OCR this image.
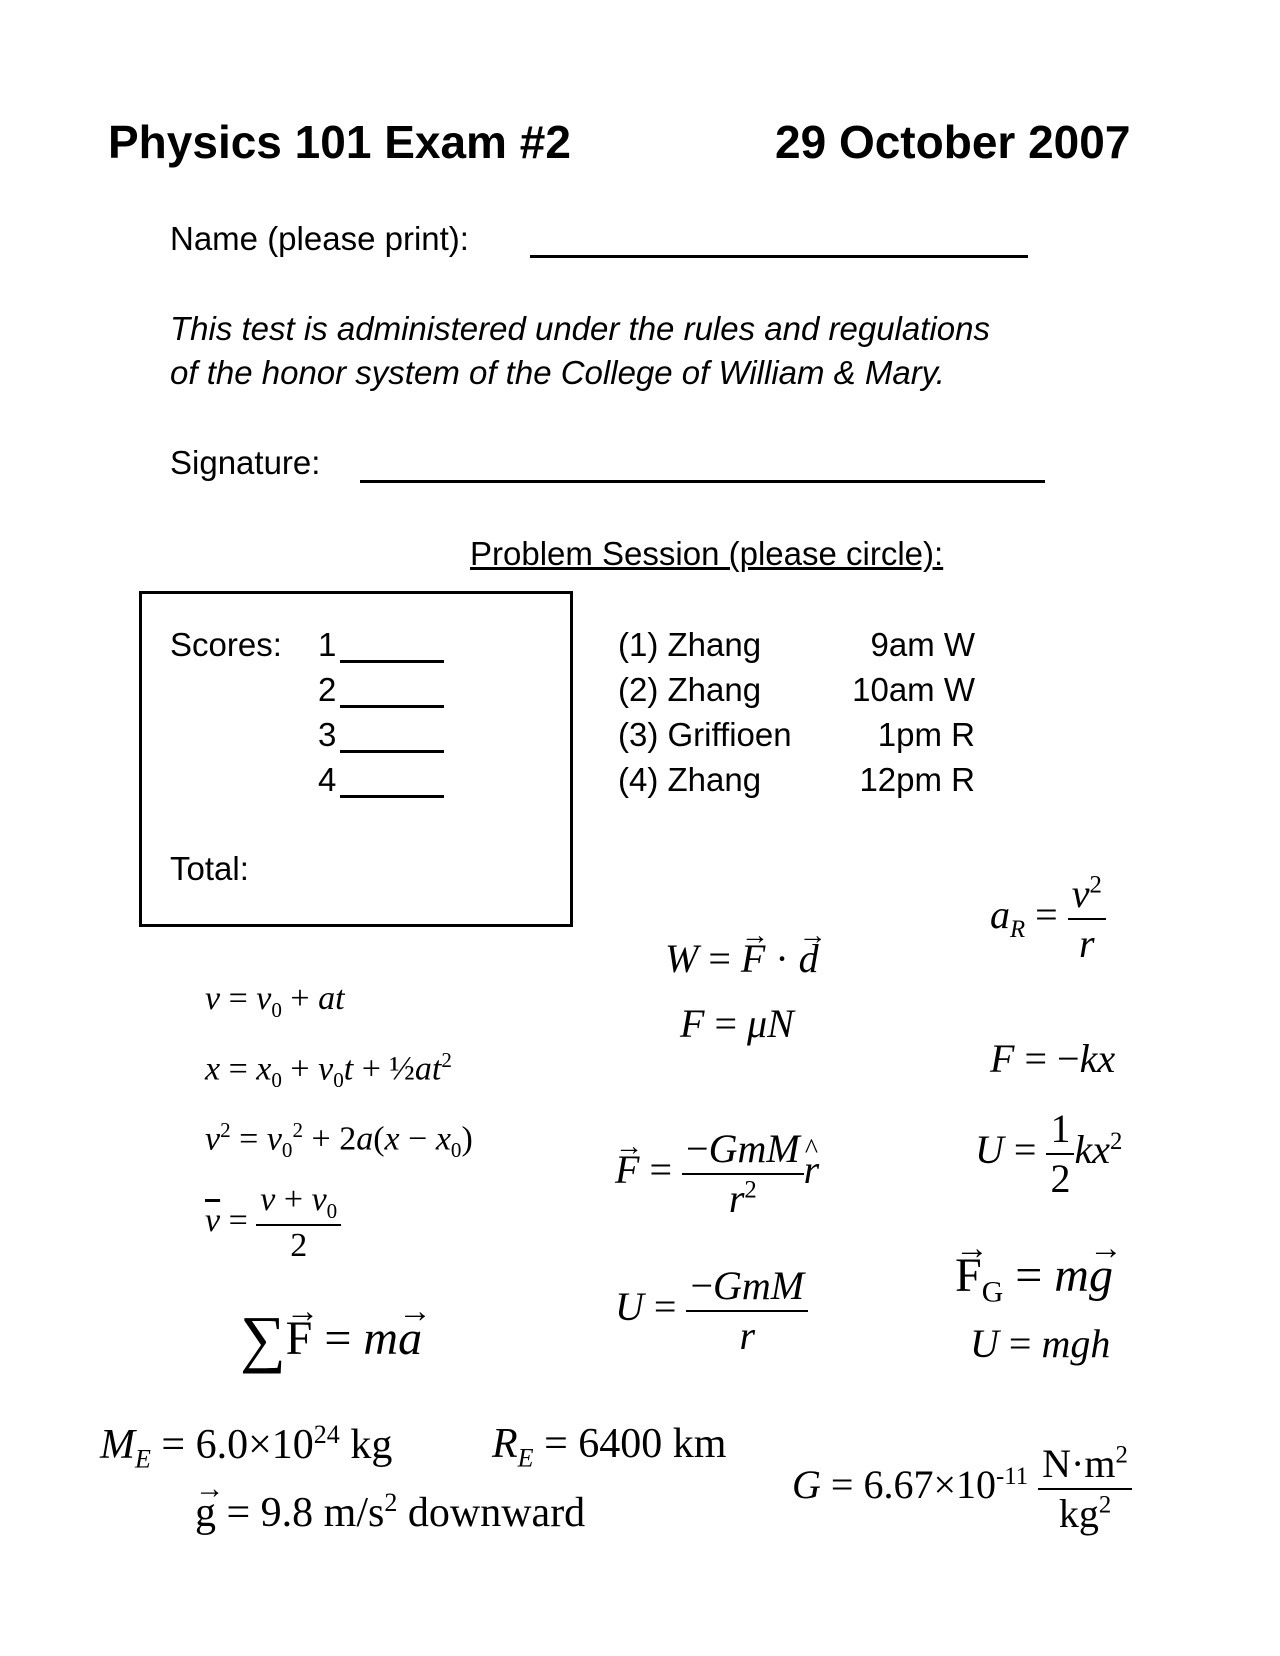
Physics 101 Exam #2	29 October 2007
Name (please print):
This test is administered under the rules and regulations
of the honor system of the College of William & Mary.
Signature:
Problem Session (please circle):
Scores: 1
2
3
4
Total:
(1) Zhang
(2) Zhang
(3) Griffioen
(4) Zhang
9am W
10am W
1pm R
12pm R
$v = v_0$ + at
$x = x_0 + v_0t$ + $\frac{1}{2}at^2$
$v^2 = v_0^2 + 2a(x - x_0)$
$\overline{v} = \frac{v + v_0}{2}$
∑→ F = m→ a
W = → F · → d
F = μN
→ $F = \frac{\text{−GmM}}{r^2}$ ^ r
$U = \frac{\text{−GmM}}{r}$
$a_R = \frac{v^2}{r}$
F = −kx
$U = \frac{1}{2} kx^2$
→ $F_G = m\to g$
U = mgh
$M_E = 6.0\times 10^{24}$ kg $R_E = 6400$ km
→ g = 9.8 $m/s^2$ downward
$G = 6.67\times 10^{-11} \frac{N\cdot m^2}{kg^2}$
